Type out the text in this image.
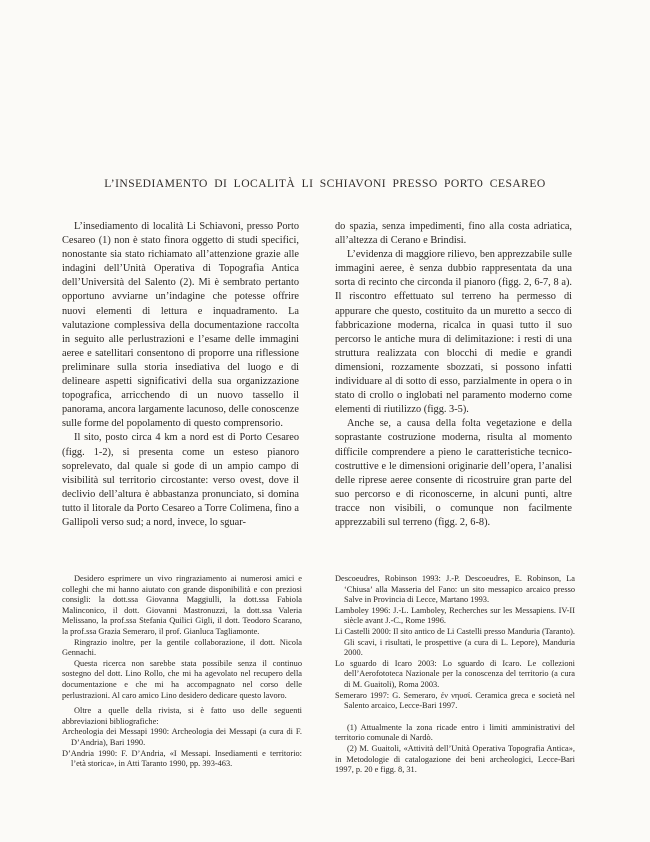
L’INSEDIAMENTO DI LOCALITÀ LI SCHIAVONI PRESSO PORTO CESAREO

L’insediamento di località Li Schiavoni, presso Porto Cesareo (1) non è stato finora oggetto di studi specifici, nonostante sia stato richiamato all’attenzione grazie alle indagini dell’Unità Operativa di Topografia Antica dell’Università del Salento (2). Mi è sembrato pertanto opportuno avviarne un’indagine che potesse offrire nuovi elementi di lettura e inquadramento. La valutazione complessiva della documentazione raccolta in seguito alle perlustrazioni e l’esame delle immagini aeree e satellitari consentono di proporre una riflessione preliminare sulla storia insediativa del luogo e di delineare aspetti significativi della sua organizzazione topografica, arricchendo di un nuovo tassello il panorama, ancora largamente lacunoso, delle conoscenze sulle forme del popolamento di questo comprensorio.

Il sito, posto circa 4 km a nord est di Porto Cesareo (figg. 1-2), si presenta come un esteso pianoro soprelevato, dal quale si gode di un ampio campo di visibilità sul territorio circostante: verso ovest, dove il declivio dell’altura è abbastanza pronunciato, si domina tutto il litorale da Porto Cesareo a Torre Colimena, fino a Gallipoli verso sud; a nord, invece, lo sguar-

do spazia, senza impedimenti, fino alla costa adriatica, all’altezza di Cerano e Brindisi.

L’evidenza di maggiore rilievo, ben apprezzabile sulle immagini aeree, è senza dubbio rappresentata da una sorta di recinto che circonda il pianoro (figg. 2, 6-7, 8 a). Il riscontro effettuato sul terreno ha permesso di appurare che questo, costituito da un muretto a secco di fabbricazione moderna, ricalca in quasi tutto il suo percorso le antiche mura di delimitazione: i resti di una struttura realizzata con blocchi di medie e grandi dimensioni, rozzamente sbozzati, si possono infatti individuare al di sotto di esso, parzialmente in opera o in stato di crollo o inglobati nel paramento moderno come elementi di riutilizzo (figg. 3-5).

Anche se, a causa della folta vegetazione e della soprastante costruzione moderna, risulta al momento difficile comprendere a pieno le caratteristiche tecnico-costruttive e le dimensioni originarie dell’opera, l’analisi delle riprese aeree consente di ricostruire gran parte del suo percorso e di riconoscerne, in alcuni punti, altre tracce non visibili, o comunque non facilmente apprezzabili sul terreno (figg. 2, 6-8).

Desidero esprimere un vivo ringraziamento ai numerosi amici e colleghi che mi hanno aiutato con grande disponibilità e con preziosi consigli: la dott.ssa Giovanna Maggiulli, la dott.ssa Fabiola Malinconico, il dott. Giovanni Mastronuzzi, la dott.ssa Valeria Melissano, la prof.ssa Stefania Quilici Gigli, il dott. Teodoro Scarano, la prof.ssa Grazia Semeraro, il prof. Gianluca Tagliamonte.

Ringrazio inoltre, per la gentile collaborazione, il dott. Nicola Gennachi.

Questa ricerca non sarebbe stata possibile senza il continuo sostegno del dott. Lino Rollo, che mi ha agevolato nel recupero della documentazione e che mi ha accompagnato nel corso delle perlustrazioni. Al caro amico Lino desidero dedicare questo lavoro.

Oltre a quelle della rivista, si è fatto uso delle seguenti abbreviazioni bibliografiche:

Archeologia dei Messapi 1990: Archeologia dei Messapi (a cura di F. D’Andria), Bari 1990.

D’Andria 1990: F. D’Andria, «I Messapi. Insediamenti e territorio: l’età storica», in Atti Taranto 1990, pp. 393-463.

Descoeudres, Robinson 1993: J.-P. Descoeudres, E. Robinson, La ‘Chiusa’ alla Masseria del Fano: un sito messapico arcaico presso Salve in Provincia di Lecce, Martano 1993.

Lamboley 1996: J.-L. Lamboley, Recherches sur les Messapiens. IV-II siècle avant J.-C., Rome 1996.

Li Castelli 2000: Il sito antico de Li Castelli presso Manduria (Taranto). Gli scavi, i risultati, le prospettive (a cura di L. Lepore), Manduria 2000.

Lo sguardo di Icaro 2003: Lo sguardo di Icaro. Le collezioni dell’Aerofototeca Nazionale per la conoscenza del territorio (a cura di M. Guaitoli), Roma 2003.

Semeraro 1997: G. Semeraro, ἐν νηυσί. Ceramica greca e società nel Salento arcaico, Lecce-Bari 1997.

(1) Attualmente la zona ricade entro i limiti amministrativi del territorio comunale di Nardò.

(2) M. Guaitoli, «Attività dell’Unità Operativa Topografia Antica», in Metodologie di catalogazione dei beni archeologici, Lecce-Bari 1997, p. 20 e figg. 8, 31.
